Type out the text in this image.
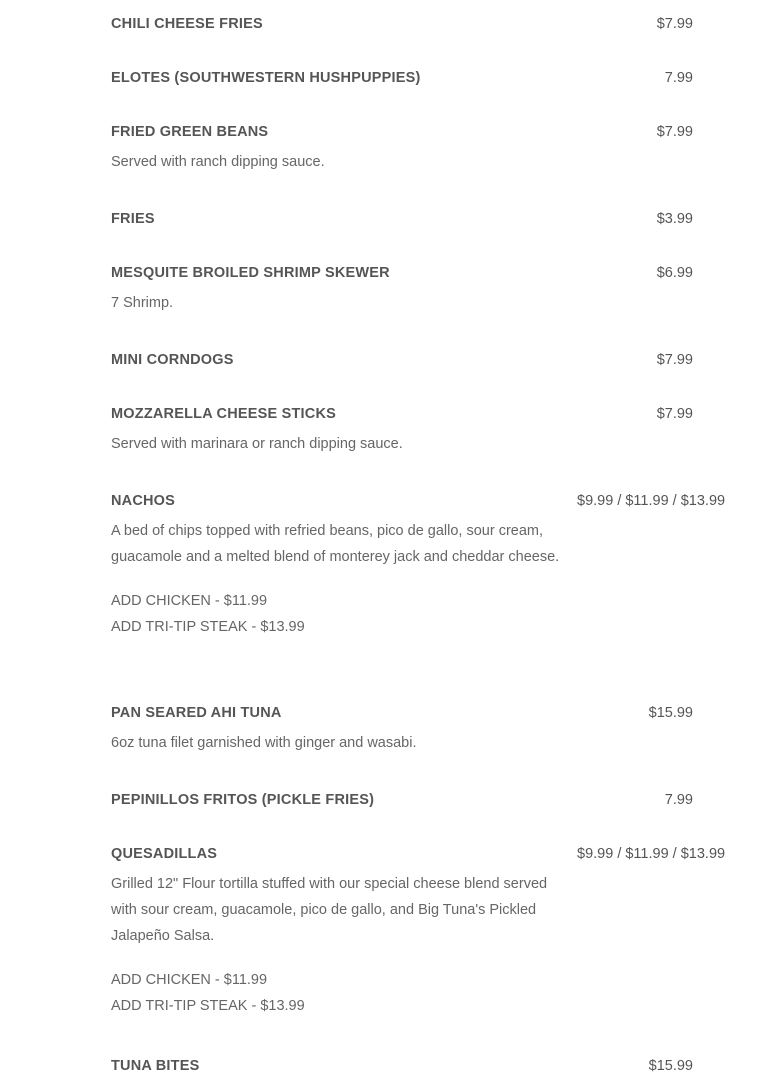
CHILI CHEESE FRIES	$7.99
ELOTES (SOUTHWESTERN HUSHPUPPIES)	7.99
FRIED GREEN BEANS	$7.99
Served with ranch dipping sauce.
FRIES	$3.99
MESQUITE BROILED SHRIMP SKEWER	$6.99
7 Shrimp.
MINI CORNDOGS	$7.99
MOZZARELLA CHEESE STICKS	$7.99
Served with marinara or ranch dipping sauce.
NACHOS	$9.99 / $11.99 / $13.99
A bed of chips topped with refried beans, pico de gallo, sour cream, guacamole and a melted blend of monterey jack and cheddar cheese.
ADD CHICKEN - $11.99
ADD TRI-TIP STEAK - $13.99
PAN SEARED AHI TUNA	$15.99
6oz tuna filet garnished with ginger and wasabi.
PEPINILLOS FRITOS (PICKLE FRIES)	7.99
QUESADILLAS	$9.99 / $11.99 / $13.99
Grilled 12" Flour tortilla stuffed with our special cheese blend served with sour cream, guacamole, pico de gallo, and Big Tuna's Pickled Jalapeño Salsa.
ADD CHICKEN - $11.99
ADD TRI-TIP STEAK - $13.99
TUNA BITES	$15.99
